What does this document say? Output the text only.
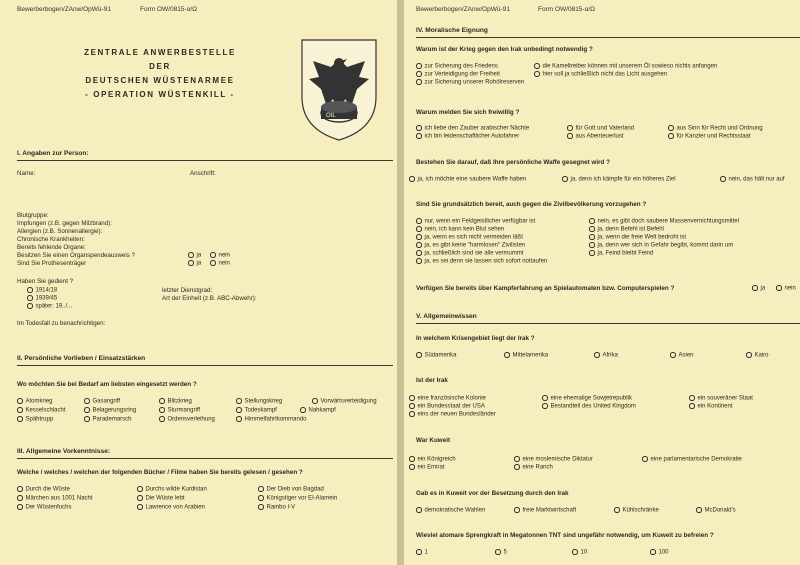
Bewerberbogen/ZAnw/OpWü-91	Form OW/0815-α/Ω
ZENTRALE ANWERBESTELLE
DER
DEUTSCHEN WÜSTENARMEE
- OPERATION WÜSTENKILL -
OIL
I. Angaben zur Person:
Name:	Anschrift:
Blutgruppe:
Impfungen (z.B. gegen Milzbrand):
Allergien (z.B. Sonnenallergie):
Chronische Krankheiten:
Bereits fehlende Organe:
Besitzen Sie einen Organspendeausweis ?	ja	nein
Sind Sie Prothesenträger	ja	nein
Haben Sie gedient ?
1914/18
1939/45
später: 19../...
letzter Dienstgrad:
Art der Einheit (z.B. ABC-Abwehr):
Im Todesfall zu benachrichtigen:
II. Persönliche Vorlieben / Einsatzstärken
Wo möchten Sie bei Bedarf am liebsten eingesetzt werden ?
Atomkrieg	Gasangriff	Blitzkrieg	Stellungskrieg	Vorwärtsverteidigung
Kesselschlacht	Belagerungsring	Sturmangriff	Todeskampf	Nahkampf
Spähtrupp	Parademarsch	Ordensverleihung	Himmelfahrtkommando
III. Allgemeine Vorkenntnisse:
Welche / welches / welchen der folgenden Bücher / Filme haben Sie bereits gelesen / gesehen ?
Durch die Wüste	Durchs wilde Kurdistan	Der Dieb von Bagdad
Märchen aus 1001 Nacht	Die Wüste lebt	Königstiger vor El-Alamein
Der Wüstenfuchs	Lawrence von Arabien	Rambo I-V
Bewerberbogen/ZAnw/OpWü-91	Form OW/0815-α/Ω
IV. Moralische Eignung
Warum ist der Krieg gegen den Irak unbedingt notwendig ?
zur Sicherung des Friedens	die Kameltreiber können mit unserem Öl sowieso nichts anfangen
zur Verteidigung der Freiheit	hier soll ja schließlich nicht das Licht ausgehen
zur Sicherung unserer Rohölreserven
Warum melden Sie sich freiwillig ?
ich liebe den Zauber arabischer Nächte	für Gott und Vaterland	aus Sinn für Recht und Ordnung
ich bin leidenschaftlicher Autofahrer	aus Abenteuerlust	für Kanzler und Rechtsstaat
Bestehen Sie darauf, daß Ihre persönliche Waffe gesegnet wird ?
ja, ich möchte eine saubere Waffe haben	ja, denn ich kämpfe für ein höheres Ziel	nein, das hält nur auf
Sind Sie grundsätzlich bereit, auch gegen die Zivilbevölkerung vorzugehen ?
nur, wenn ein Feldgeistlicher verfügbar ist	nein, es gibt doch saubere Massenvernichtungsmittel
nein, ich kann kein Blut sehen	ja, denn Befehl ist Befehl
ja, wenn es sich nicht vermeiden läßt	ja, wenn die freie Welt bedroht ist
ja, es gibt keine "harmlosen" Zivilisten	ja, denn wer sich in Gefahr begibt, kommt darin um
ja, schließlich sind sie alle vermummt	ja, Feind bleibt Feind
ja, es sei denn sie lassen sich sofort nottaufen
Verfügen Sie bereits über Kampferfahrung an Spielautomaten bzw. Computerspielen ?	ja	nein
V. Allgemeinwissen
In welchem Krisengebiet liegt der Irak ?
Südamerika	Mittelamerika	Afrika	Asien	Kairo
Ist der Irak
eine französische Kolonie	eine ehemalige Sowjetrepublik	ein souveräner Staat
ein Bundesstaat der USA	Bestandteil des United Kingdom	ein Kontinent
eins der neuen Bundesländer
War Kuweit
ein Königreich	eine moslemische Diktatur	eine parlamentarische Demokratie
ein Emirat	eine Ranch
Gab es in Kuweit vor der Besetzung durch den Irak
demokratische Wahlen	freie Marktwirtschaft	Kühlschränke	McDonald's
Wieviel atomare Sprengkraft in Megatonnen TNT sind ungefähr notwendig, um Kuweit zu befreien ?
1	5	10	100
